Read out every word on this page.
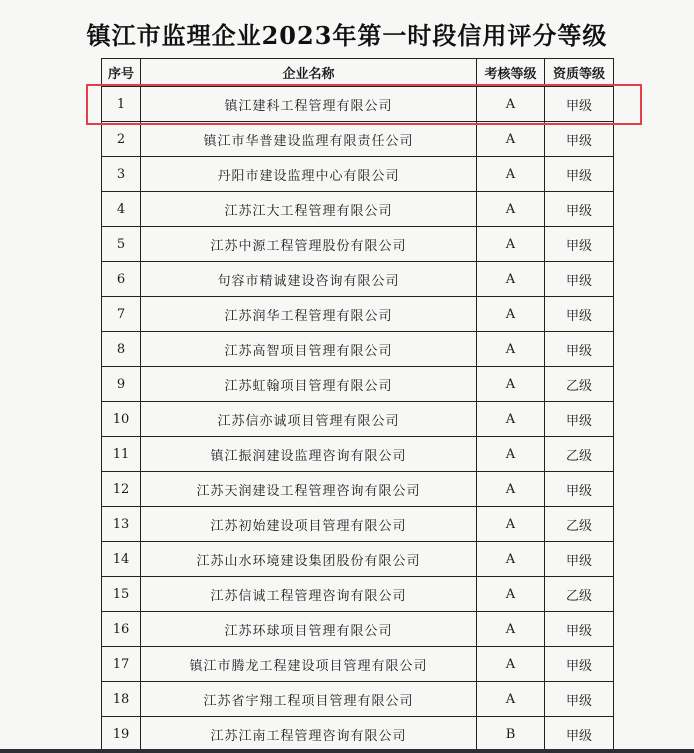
镇江市监理企业2023年第一时段信用评分等级
序号	企业名称	考核等级	资质等级
1	镇江建科工程管理有限公司	A	甲级
2	镇江市华普建设监理有限责任公司	A	甲级
3	丹阳市建设监理中心有限公司	A	甲级
4	江苏江大工程管理有限公司	A	甲级
5	江苏中源工程管理股份有限公司	A	甲级
6	句容市精诚建设咨询有限公司	A	甲级
7	江苏润华工程管理有限公司	A	甲级
8	江苏高智项目管理有限公司	A	甲级
9	江苏虹翰项目管理有限公司	A	乙级
10	江苏信亦诚项目管理有限公司	A	甲级
11	镇江振润建设监理咨询有限公司	A	乙级
12	江苏天润建设工程管理咨询有限公司	A	甲级
13	江苏初始建设项目管理有限公司	A	乙级
14	江苏山水环境建设集团股份有限公司	A	甲级
15	江苏信诚工程管理咨询有限公司	A	乙级
16	江苏环球项目管理有限公司	A	甲级
17	镇江市腾龙工程建设项目管理有限公司	A	甲级
18	江苏省宇翔工程项目管理有限公司	A	甲级
19	江苏江南工程管理咨询有限公司	B	甲级
